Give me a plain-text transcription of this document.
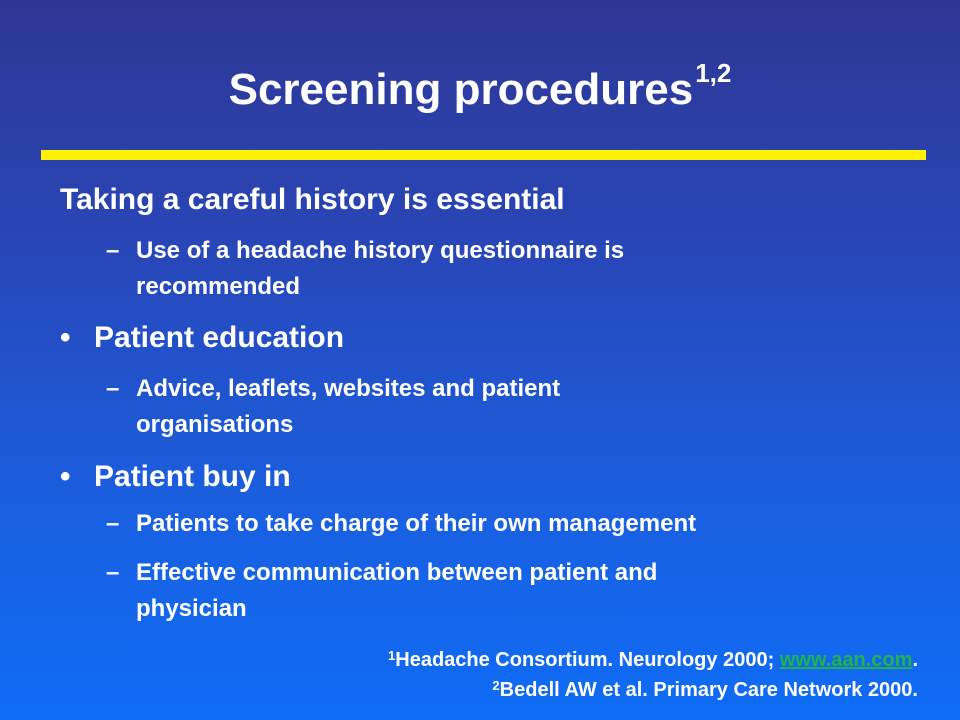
Screening procedures$^{1,2}$
Taking a careful history is essential
– Use of a headache history questionnaire is
recommended
• Patient education
– Advice, leaflets, websites and patient
organisations
• Patient buy in
– Patients to take charge of their own management
– Effective communication between patient and
physician
$^1$Headache Consortium. Neurology 2000; www.aan.com.
$^2$Bedell AW et al. Primary Care Network 2000.
